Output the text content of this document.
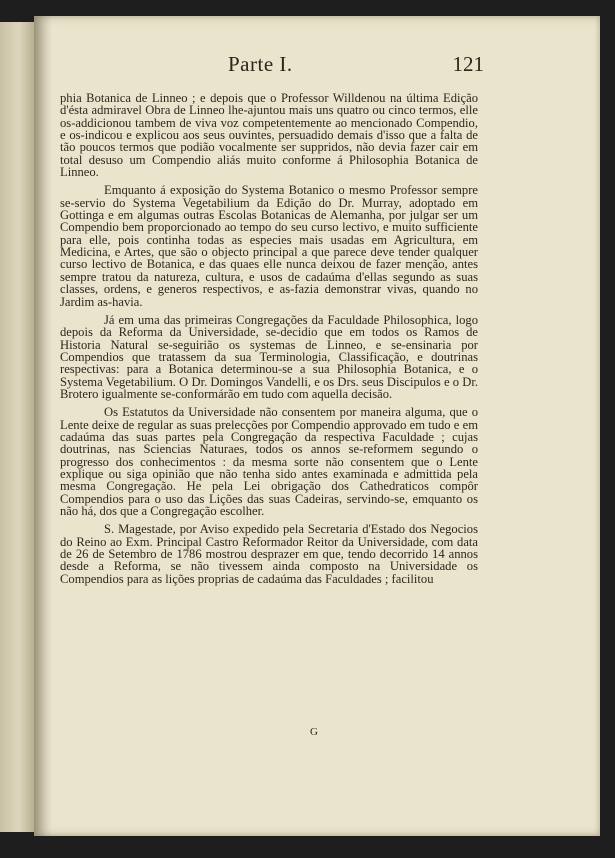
Parte I.	121

phia Botanica de Linneo ; e depois que o Professor Willdenou na última Edição d'ésta admiravel Obra de Linneo lhe-ajuntou mais uns quatro ou cinco termos, elle os-addicionou tambem de viva voz competentemente ao mencionado Compendio, e os-indicou e explicou aos seus ouvintes, persuadido demais d'isso que a falta de tão poucos termos que podião vocalmente ser suppridos, não devia fazer cair em total desuso um Compendio aliás muito conforme á Philosophia Botanica de Linneo.

Emquanto á exposição do Systema Botanico o mesmo Professor sempre se-servio do Systema Vegetabilium da Edição do Dr. Murray, adoptado em Gottinga e em algumas outras Escolas Botanicas de Alemanha, por julgar ser um Compendio bem proporcionado ao tempo do seu curso lectivo, e muito sufficiente para elle, pois continha todas as especies mais usadas em Agricultura, em Medicina, e Artes, que são o objecto principal a que parece deve tender qualquer curso lectivo de Botanica, e das quaes elle nunca deixou de fazer menção, antes sempre tratou da natureza, cultura, e usos de cadaúma d'ellas segundo as suas classes, ordens, e generos respectivos, e as-fazia demonstrar vivas, quando no Jardim as-havia.

Já em uma das primeiras Congregações da Faculdade Philosophica, logo depois da Reforma da Universidade, se-decidio que em todos os Ramos de Historia Natural se-seguirião os systemas de Linneo, e se-ensinaria por Compendios que tratassem da sua Terminologia, Classificação, e doutrinas respectivas: para a Botanica determinou-se a sua Philosophia Botanica, e o Systema Vegetabilium. O Dr. Domingos Vandelli, e os Drs. seus Discipulos e o Dr. Brotero igualmente se-conformárão em tudo com aquella decisão.

Os Estatutos da Universidade não consentem por maneira alguma, que o Lente deixe de regular as suas prelecções por Compendio approvado em tudo e em cadaúma das suas partes pela Congregação da respectiva Faculdade ; cujas doutrinas, nas Sciencias Naturaes, todos os annos se-reformem segundo o progresso dos conhecimentos : da mesma sorte não consentem que o Lente explique ou siga opinião que não tenha sido antes examinada e admittida pela mesma Congregação. He pela Lei obrigação dos Cathedraticos compôr Compendios para o uso das Lições das suas Cadeiras, servindo-se, emquanto os não há, dos que a Congregação escolher.

S. Magestade, por Aviso expedido pela Secretaria d'Estado dos Negocios do Reino ao Exm. Principal Castro Reformador Reitor da Universidade, com data de 26 de Setembro de 1786 mostrou desprazer em que, tendo decorrido 14 annos desde a Reforma, se não tivessem ainda composto na Universidade os Compendios para as lições proprias de cadaúma das Faculdades ; facilitou

G
